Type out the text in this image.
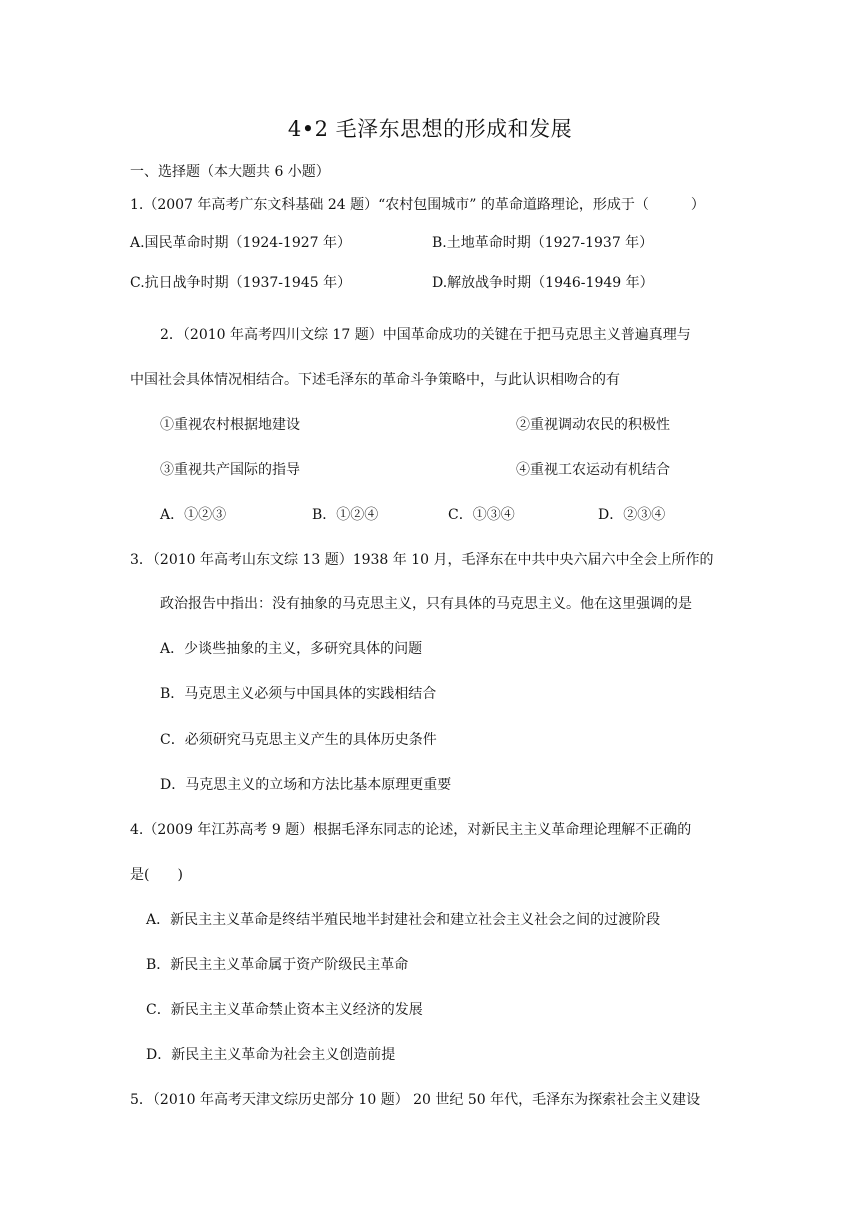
4•2 毛泽东思想的形成和发展
一、选择题（本大题共 6 小题）
1.（2007 年高考广东文科基础 24 题）“农村包围城市” 的革命道路理论，形成于（　　　）
A.国民革命时期（1924-1927 年）	B.土地革命时期（1927-1937 年）
C.抗日战争时期（1937-1945 年）	D.解放战争时期（1946-1949 年）
2．（2010 年高考四川文综 17 题）中国革命成功的关键在于把马克思主义普遍真理与
中国社会具体情况相结合。下述毛泽东的革命斗争策略中，与此认识相吻合的有
①重视农村根据地建设	②重视调动农民的积极性
③重视共产国际的指导	④重视工农运动有机结合
A．①②③	B．①②④	C．①③④	D．②③④
3．（2010 年高考山东文综 13 题）1938 年 10 月，毛泽东在中共中央六届六中全会上所作的
政治报告中指出：没有抽象的马克思主义，只有具体的马克思主义。他在这里强调的是
A．少谈些抽象的主义，多研究具体的问题
B．马克思主义必须与中国具体的实践相结合
C．必须研究马克思主义产生的具体历史条件
D．马克思主义的立场和方法比基本原理更重要
4.（2009 年江苏高考 9 题）根据毛泽东同志的论述，对新民主主义革命理论理解不正确的
是(　　)
A．新民主主义革命是终结半殖民地半封建社会和建立社会主义社会之间的过渡阶段
B．新民主主义革命属于资产阶级民主革命
C．新民主主义革命禁止资本主义经济的发展
D．新民主主义革命为社会主义创造前提
5．（2010 年高考天津文综历史部分 10 题） 20 世纪 50 年代，毛泽东为探索社会主义建设
